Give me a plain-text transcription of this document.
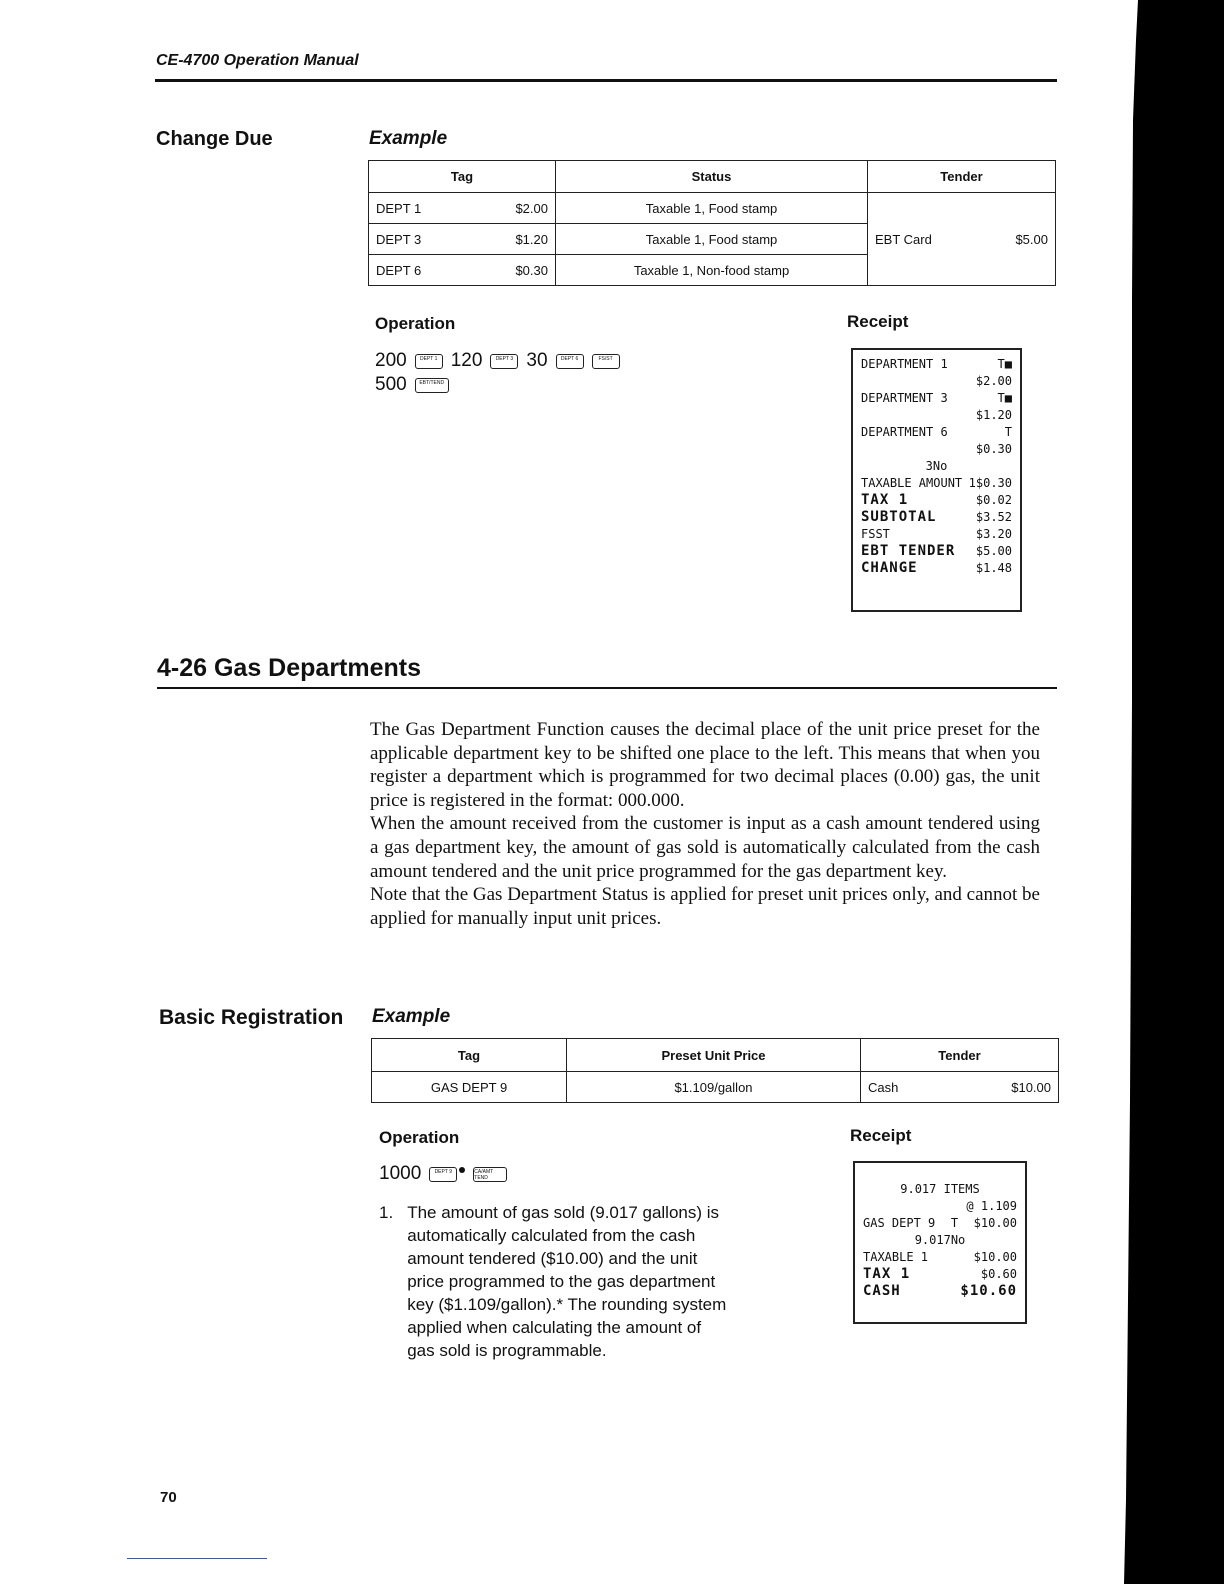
CE-4700 Operation Manual
Change Due	Example
Tag	Status	Tender

DEPT 1 $2.00	Taxable 1, Food stamp	EBT Card $5.00

DEPT 3 $1.20	Taxable 1, Food stamp	

DEPT 6 $0.30	Taxable 1, Non-food stamp	
Operation
200	DEPT 1 120	DEPT 3 30	DEPT 6	FS/ST
500	EBT/TEND
Receipt
DEPARTMENT 1	T■
$2.00
DEPARTMENT 3	T■
$1.20
DEPARTMENT 6	T
$0.30
3No
TAXABLE AMOUNT 1$0.30
TAX 1	$0.02
SUBTOTAL	$3.52
FSST	$3.20
EBT TENDER $5.00
CHANGE	$1.48
4-26 Gas Departments

The Gas Department Function causes the decimal place of the unit price preset for the applicable department key to be shifted one place to the left. This means that when you register a department which is programmed for two decimal places (0.00) gas, the unit price is registered in the format: 000.000.

When the amount received from the customer is input as a cash amount tendered using a gas department key, the amount of gas sold is automatically calculated from the cash amount tendered and the unit price programmed for the gas department key.

Note that the Gas Department Status is applied for preset unit prices only, and cannot be applied for manually input unit prices.

Basic Registration Example
Tag	Preset Unit Price	Tender
GAS DEPT 9	$1.109/gallon	Cash $10.00
Operation
1000	DEPT 9	CA/AMT TEND
1. The amount of gas sold (9.017 gallons) is automatically calculated from the cash amount tendered ($10.00) and the unit price programmed to the gas department key ($1.109/gallon).* The rounding system applied when calculating the amount of gas sold is programmable.
Receipt
9.017 ITEMS
@ 1.109
GAS DEPT 9 T $10.00
9.017No
TAXABLE 1	$10.00
TAX 1	$0.60
CASH	$10.60
70
